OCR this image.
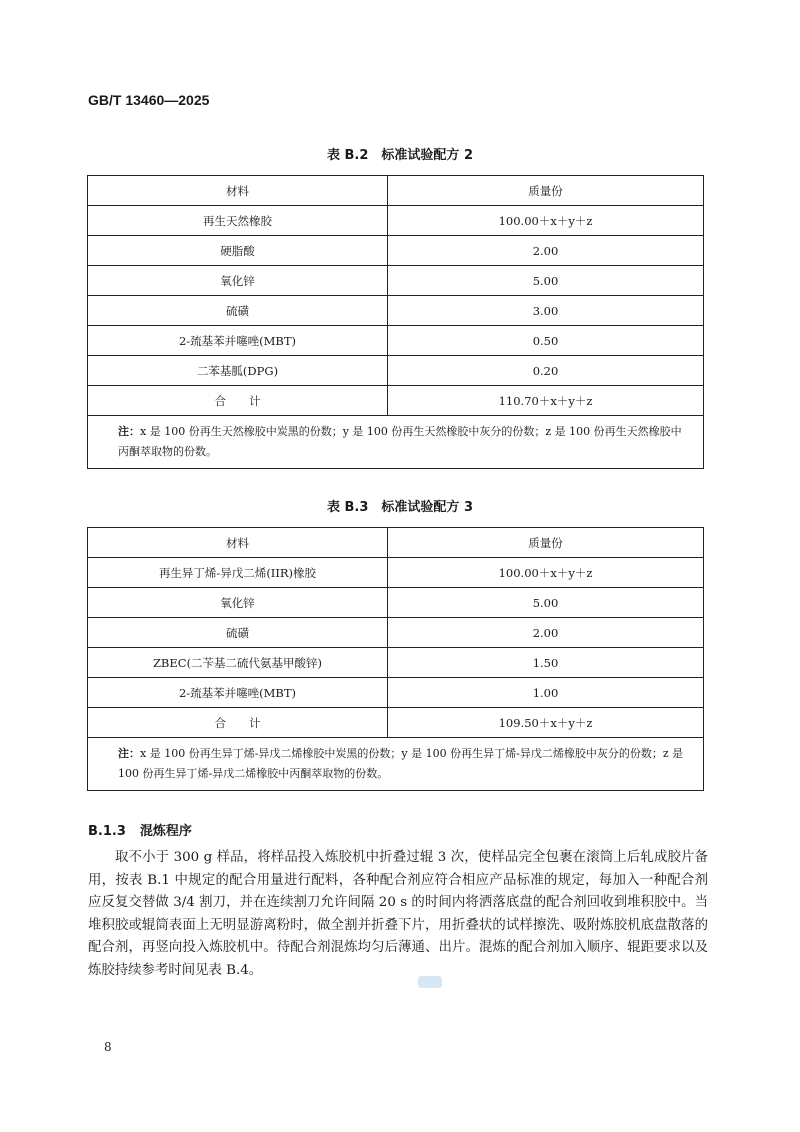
GB/T 13460—2025
表 B.2　标准试验配方 2
材料	质量份
再生天然橡胶	100.00＋x＋y＋z
硬脂酸	2.00
氧化锌	5.00
硫磺	3.00
2-巯基苯并噻唑(MBT)	0.50
二苯基胍(DPG)	0.20
合　　计	110.70＋x＋y＋z
注：x 是 100 份再生天然橡胶中炭黑的份数；y 是 100 份再生天然橡胶中灰分的份数；z 是 100 份再生天然橡胶中丙酮萃取物的份数。	
表 B.3　标准试验配方 3
材料	质量份
再生异丁烯-异戊二烯(IIR)橡胶	100.00＋x＋y＋z
氧化锌	5.00
硫磺	2.00
ZBEC(二苄基二硫代氨基甲酸锌)	1.50
2-巯基苯并噻唑(MBT)	1.00
合　　计	109.50＋x＋y＋z
注：x 是 100 份再生异丁烯-异戊二烯橡胶中炭黑的份数；y 是 100 份再生异丁烯-异戊二烯橡胶中灰分的份数；z 是 100 份再生异丁烯-异戊二烯橡胶中丙酮萃取物的份数。	
B.1.3 混炼程序

取不小于 300 g 样品，将样品投入炼胶机中折叠过辊 3 次，使样品完全包裹在滚筒上后轧成胶片备用，按表 B.1 中规定的配合用量进行配料，各种配合剂应符合相应产品标准的规定，每加入一种配合剂应反复交替做 3/4 割刀，并在连续割刀允许间隔 20 s 的时间内将洒落底盘的配合剂回收到堆积胶中。当堆积胶或辊筒表面上无明显游离粉时，做全割并折叠下片，用折叠状的试样擦洗、吸附炼胶机底盘散落的配合剂，再竖向投入炼胶机中。待配合剂混炼均匀后薄通、出片。混炼的配合剂加入顺序、辊距要求以及炼胶持续参考时间见表 B.4。

8
